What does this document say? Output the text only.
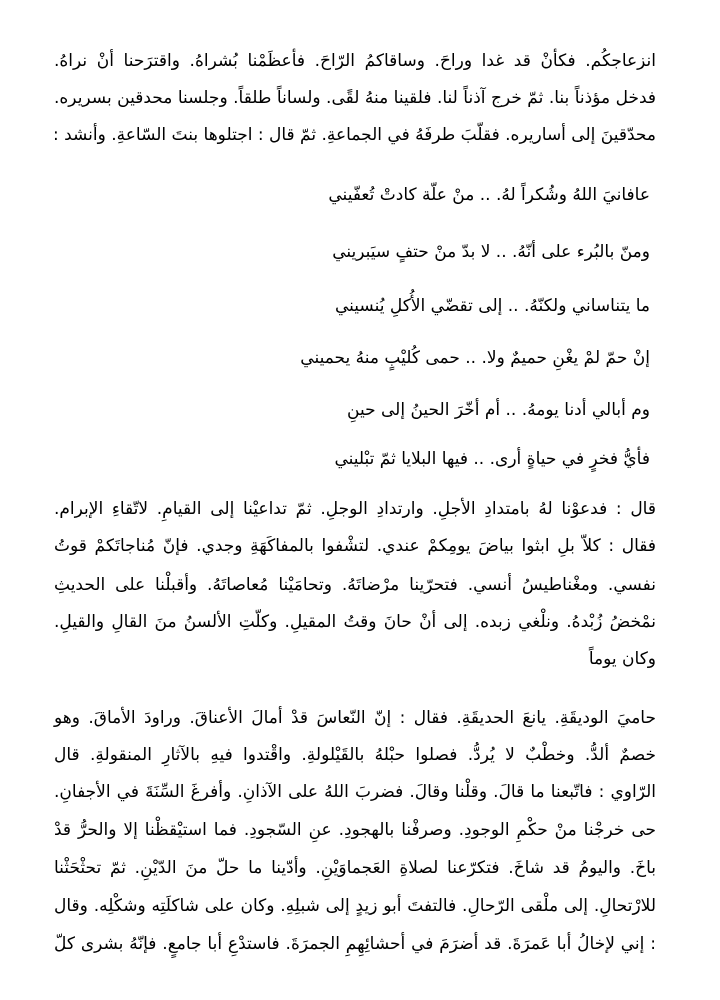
انزعاجكُم. فكأنْ قد غدا وراحَ. وساقاكمُ الرّاحَ. فأعظَمْنا بُشراهُ. واقترَحنا أنْ نراهُ.
فدخل مؤذناً بنا. ثمّ خرج آذناً لنا. فلقينا منهُ لقًى. ولساناً طلقاً. وجلسنا محدقين بسريره.
محدّقينَ إلى أساريره. فقلّبَ طرفَهُ في الجماعةِ. ثمّ قال : اجتلوها بنتَ السّاعةِ. وأنشد :
عافانيَ اللهُ وشُكراً لهُ. .. منْ علّة كادتْ تُعفّيني
ومنّ بالبُرء على أنّهُ. .. لا بدّ منْ حتفٍ سيَبريني
ما يتناساني ولكنّهُ. .. إلى تقضّي الأُكلِ يُنسيني
إنْ حمّ لمْ يغْنِ حميمٌ ولا. .. حمى كُليْبٍ منهُ يحميني
وم أبالي أدنا يومهُ. .. أم أخّرَ الحينُ إلى حينِ
فأيُّ فخرٍ في حياةٍ أرى. .. فيها البلايا ثمّ تبْليني
قال : فدعوْنا لهُ بامتدادِ الأجلِ. وارتدادِ الوجلِ. ثمّ تداعيْنا إلى القيامِ. لاتّقاءِ الإبرام.
فقال : كلاّ بلِ ابثوا بياضَ يومِكمْ عندي. لتشْفوا بالمفاكَهَةِ وجدي. فإنّ مُناجاتَكمْ قوتُ
نفسي. ومغْناطيسُ أنسي. فتحرّينا مرْضاتَهُ. وتحامَيْنا مُعاصاتَهُ. وأقبلْنا على الحديثِ
نمْخضُ زُبْدهُ. ونلْغي زبده. إلى أنْ حانَ وقتُ المقيلِ. وكلّتِ الألسنُ منَ القالِ والقيلِ.
وكان يوماً
حاميَ الوديقَةِ. يانعَ الحديقَةِ. فقال : إنّ النّعاسَ قدْ أمالَ الأعناقَ. وراودَ الأماقَ. وهو
خصمٌ ألدُّ. وخطْبٌ لا يُردُّ. فصلوا حبْلهُ بالقَيْلولةِ. واقْتدوا فيهِ بالآثارِ المنقولةِ. قال
الرّاوي : فاتّبعنا ما قالَ. وقلْنا وقالَ. فضربَ اللهُ على الآذانِ. وأفرغَ السِّنَةَ في الأجفانِ.
حى خرجْنا منْ حكْمِ الوجودِ. وصرفْنا بالهجودِ. عنِ السّجودِ. فما استيْقظْنا إلا والحرُّ قدْ
باخَ. واليومُ قد شاخَ. فتكرّعنا لصلاةِ العَجماوَيْنِ. وأدّينا ما حلّ منَ الدّيْنِ. ثمّ تحثْحَثْنا
للارْتحالِ. إلى ملْقى الرّحالِ. فالتفتَ أبو زيدٍ إلى شبلِهِ. وكان على شاكلَتِه وشكْلِه. وقال
: إني لإخالُ أبا عَمرَةَ. قد أضرَمَ في أحشائِهِمِ الجمرَةَ. فاستدْعِ أبا جامعٍ. فإنّهُ بشرى كلّ
